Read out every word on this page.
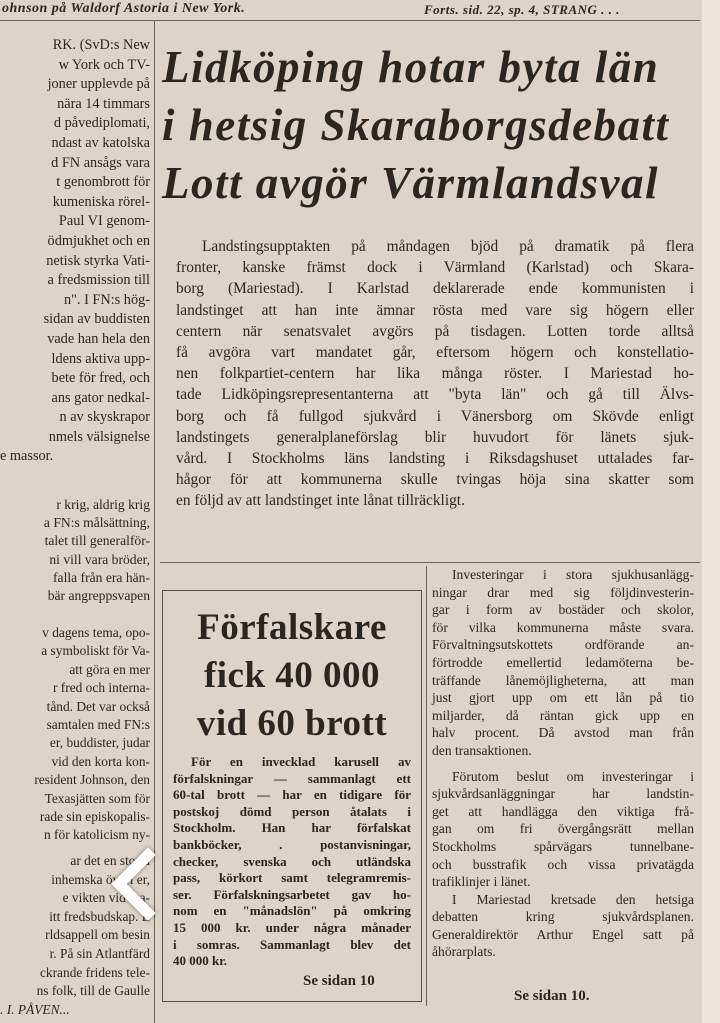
ohnson på Waldorf Astoria i New York.	Forts. sid. 22, sp. 4, STRANG . . .
RK. (SvD:s New
w York och TV-
joner upplevde på
nära 14 timmars
d påvediplomati,
ndast av katolska
d FN ansågs vara
t genombrott för
kumeniska rörel-
Paul VI genom-
ödmjukhet och en
netisk styrka Vati-
a fredsmission till
n". I FN:s hög-
sidan av buddisten
vade han hela den
ldens aktiva upp-
bete för fred, och
ans gator nedkal-
n av skyskrapor
nmels välsignelse
e massor.
r krig, aldrig krig
a FN:s målsättning,
talet till generalför-
ni vill vara bröder,
falla från era hän-
bär angreppsvapen
v dagens tema, opo-
a symboliskt för Va-
att göra en mer
r fred och interna-
tånd. Det var också
samtalen med FN:s
er, buddister, judar
vid den korta kon-
resident Johnson, den
Texasjätten som för
rade sin episkopalis-
n för katolicism ny-
ar det en stor d
inhemska överl er,
e vikten vid ina-
itt fredsbudskap. E
rldsappell om besin
r. På sin Atlantfärd
ckrande fridens tele-
ns folk, till de Gaulle
. I. PÅVEN...
Lidköping hotar byta län
i hetsig Skaraborgsdebatt
Lott avgör Värmlandsval
Landstingsupptakten på måndagen bjöd på dramatik på flera
fronter, kanske främst dock i Värmland (Karlstad) och Skara-
borg (Mariestad). I Karlstad deklarerade ende kommunisten i
landstinget att han inte ämnar rösta med vare sig högern eller
centern när senatsvalet avgörs på tisdagen. Lotten torde alltså
få avgöra vart mandatet går, eftersom högern och konstellatio-
nen folkpartiet-centern har lika många röster. I Mariestad ho-
tade Lidköpingsrepresentanterna att "byta län" och gå till Älvs-
borg och få fullgod sjukvård i Vänersborg om Skövde enligt
landstingets generalplaneförslag blir huvudort för länets sjuk-
vård. I Stockholms läns landsting i Riksdagshuset uttalades far-
hågor för att kommunerna skulle tvingas höja sina skatter som
en följd av att landstinget inte lånat tillräckligt.
Förfalskare
fick 40 000
vid 60 brott
För en invecklad karusell av
förfalskningar — sammanlagt ett
60-tal brott — har en tidigare för
postskoj dömd person åtalats i
Stockholm. Han har förfalskat
bankböcker, . postanvisningar,
checker, svenska och utländska
pass, körkort samt telegramremis-
ser. Förfalskningsarbetet gav ho-
nom en "månadslön" på omkring
15 000 kr. under några månader
i somras. Sammanlagt blev det
40 000 kr.
Se sidan 10
Investeringar i stora sjukhusanlägg-
ningar drar med sig följdinvesterin-
gar i form av bostäder och skolor,
för vilka kommunerna måste svara.
Förvaltningsutskottets ordförande an-
förtrodde emellertid ledamöterna be-
träffande lånemöjligheterna, att man
just gjort upp om ett lån på tio
miljarder, då räntan gick upp en
halv procent. Då avstod man från
den transaktionen.
Förutom beslut om investeringar i
sjukvårdsanläggningar har landstin-
get att handlägga den viktiga frå-
gan om fri övergångsrätt mellan
Stockholms spårvägars tunnelbane-
och busstrafik och vissa privatägda
trafiklinjer i länet.
I Mariestad kretsade den hetsiga
debatten kring sjukvårdsplanen.
Generaldirektör Arthur Engel satt på
åhörarplats.
Se sidan 10.
